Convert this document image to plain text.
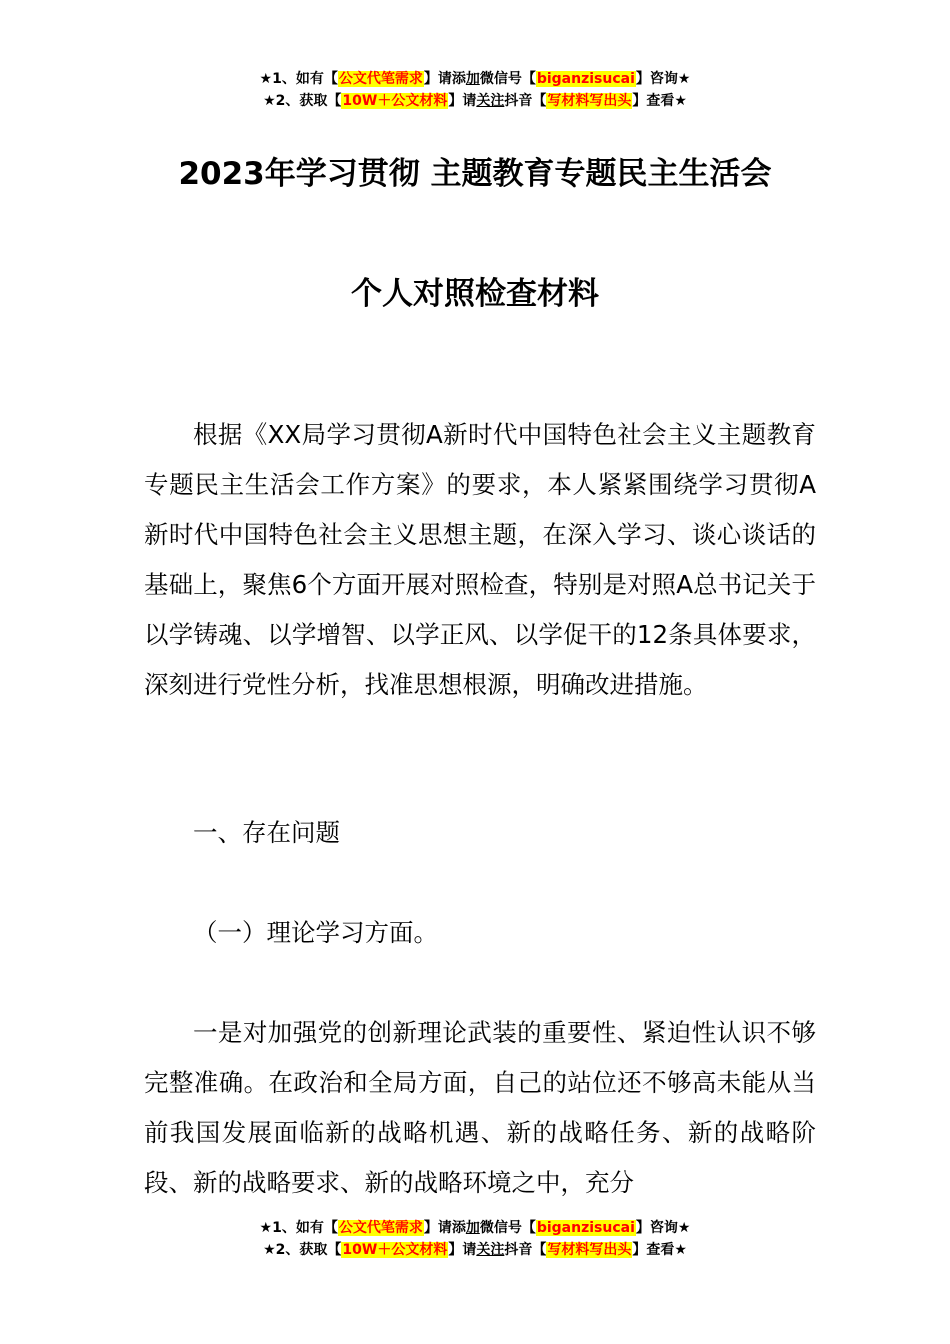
★1、如有【公文代笔需求】请添加微信号【biganzisucai】咨询★
★2、获取【10W＋公文材料】请关注抖音【写材料写出头】查看★
2023年学习贯彻 主题教育专题民主生活会
个人对照检查材料

根据《XX局学习贯彻A新时代中国特色社会主义主题教育专题民主生活会工作方案》的要求，本人紧紧围绕学习贯彻A新时代中国特色社会主义思想主题，在深入学习、谈心谈话的基础上，聚焦6个方面开展对照检查，特别是对照A总书记关于以学铸魂、以学增智、以学正风、以学促干的12条具体要求，深刻进行党性分析，找准思想根源，明确改进措施。

一、存在问题

（一）理论学习方面。

一是对加强党的创新理论武装的重要性、紧迫性认识不够完整准确。在政治和全局方面，自己的站位还不够高未能从当前我国发展面临新的战略机遇、新的战略任务、新的战略阶段、新的战略要求、新的战略环境之中，充分

★1、如有【公文代笔需求】请添加微信号【biganzisucai】咨询★
★2、获取【10W＋公文材料】请关注抖音【写材料写出头】查看★
